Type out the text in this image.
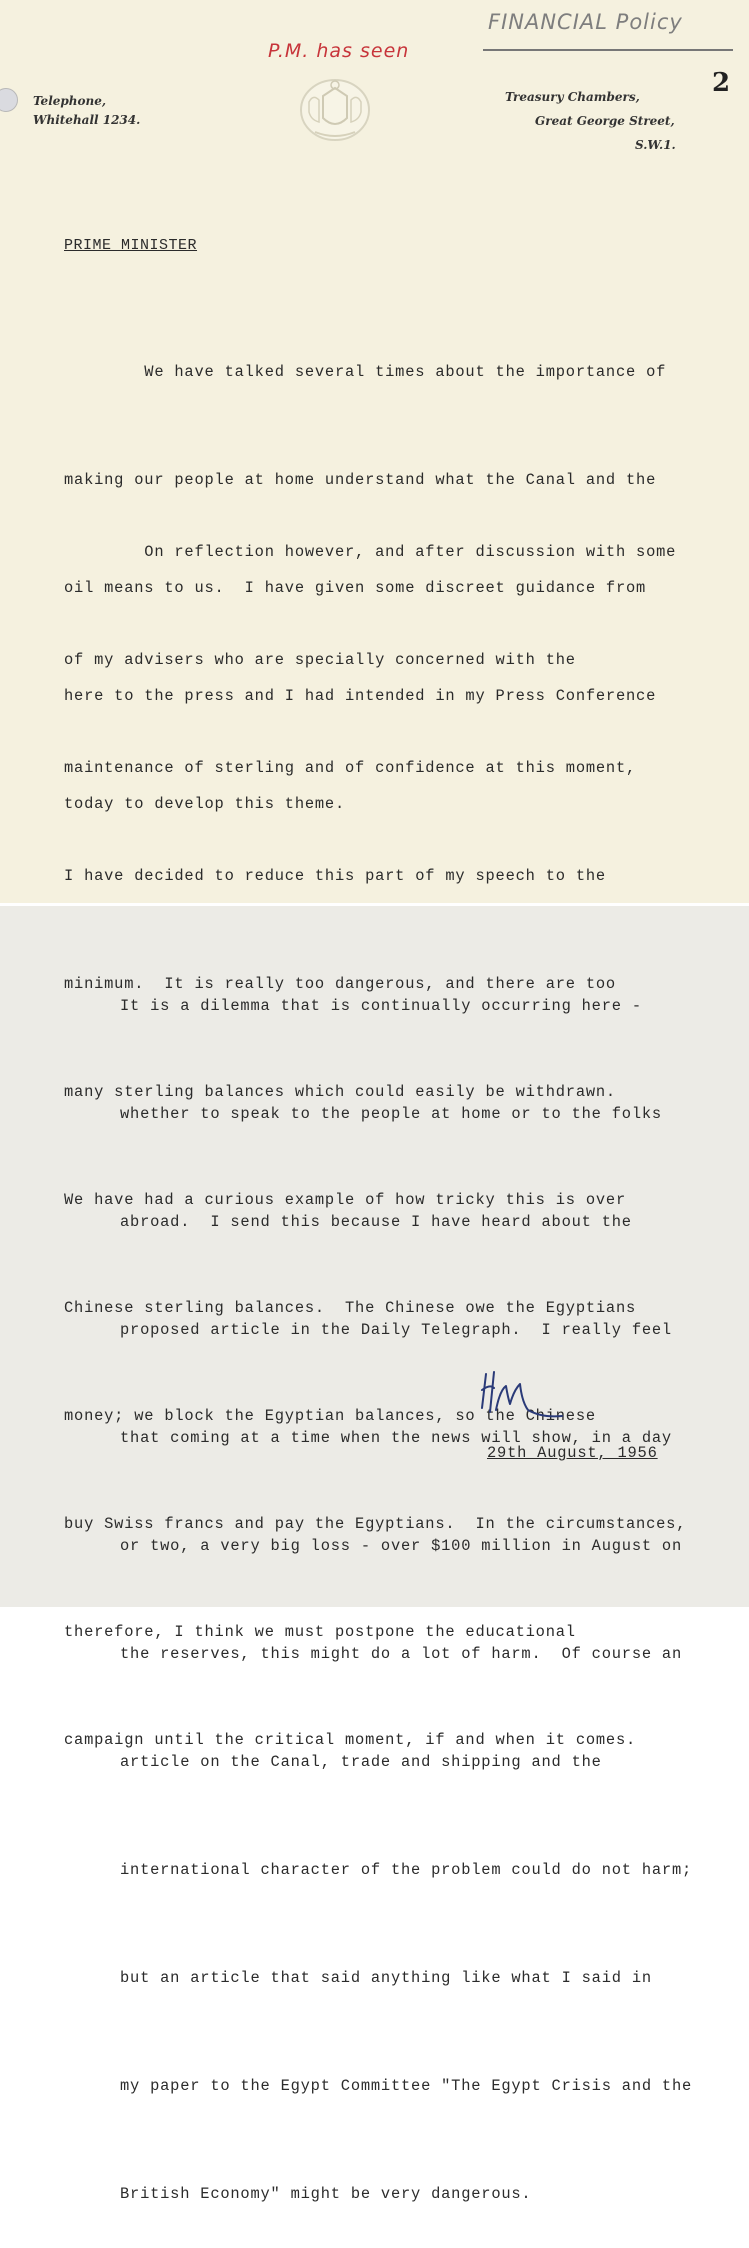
P.M. has seen
FINANCIAL Policy
2
Telephone,
Whitehall 1234.
Treasury Chambers,
Great George Street,
S.W.1.
PRIME MINISTER

We have talked several times about the importance of

making our people at home understand what the Canal and the

oil means to us.  I have given some discreet guidance from

here to the press and I had intended in my Press Conference

today to develop this theme.

On reflection however, and after discussion with some

of my advisers who are specially concerned with the

maintenance of sterling and of confidence at this moment,

I have decided to reduce this part of my speech to the

minimum.  It is really too dangerous, and there are too

many sterling balances which could easily be withdrawn.

We have had a curious example of how tricky this is over

Chinese sterling balances.  The Chinese owe the Egyptians

money; we block the Egyptian balances, so the Chinese

buy Swiss francs and pay the Egyptians.  In the circumstances,

therefore, I think we must postpone the educational

campaign until the critical moment, if and when it comes.

It is a dilemma that is continually occurring here -

whether to speak to the people at home or to the folks

abroad.  I send this because I have heard about the

proposed article in the Daily Telegraph.  I really feel

that coming at a time when the news will show, in a day

or two, a very big loss - over $100 million in August on

the reserves, this might do a lot of harm.  Of course an

article on the Canal, trade and shipping and the

international character of the problem could do not harm;

but an article that said anything like what I said in

my paper to the Egypt Committee "The Egypt Crisis and the

British Economy" might be very dangerous.

29th August, 1956
